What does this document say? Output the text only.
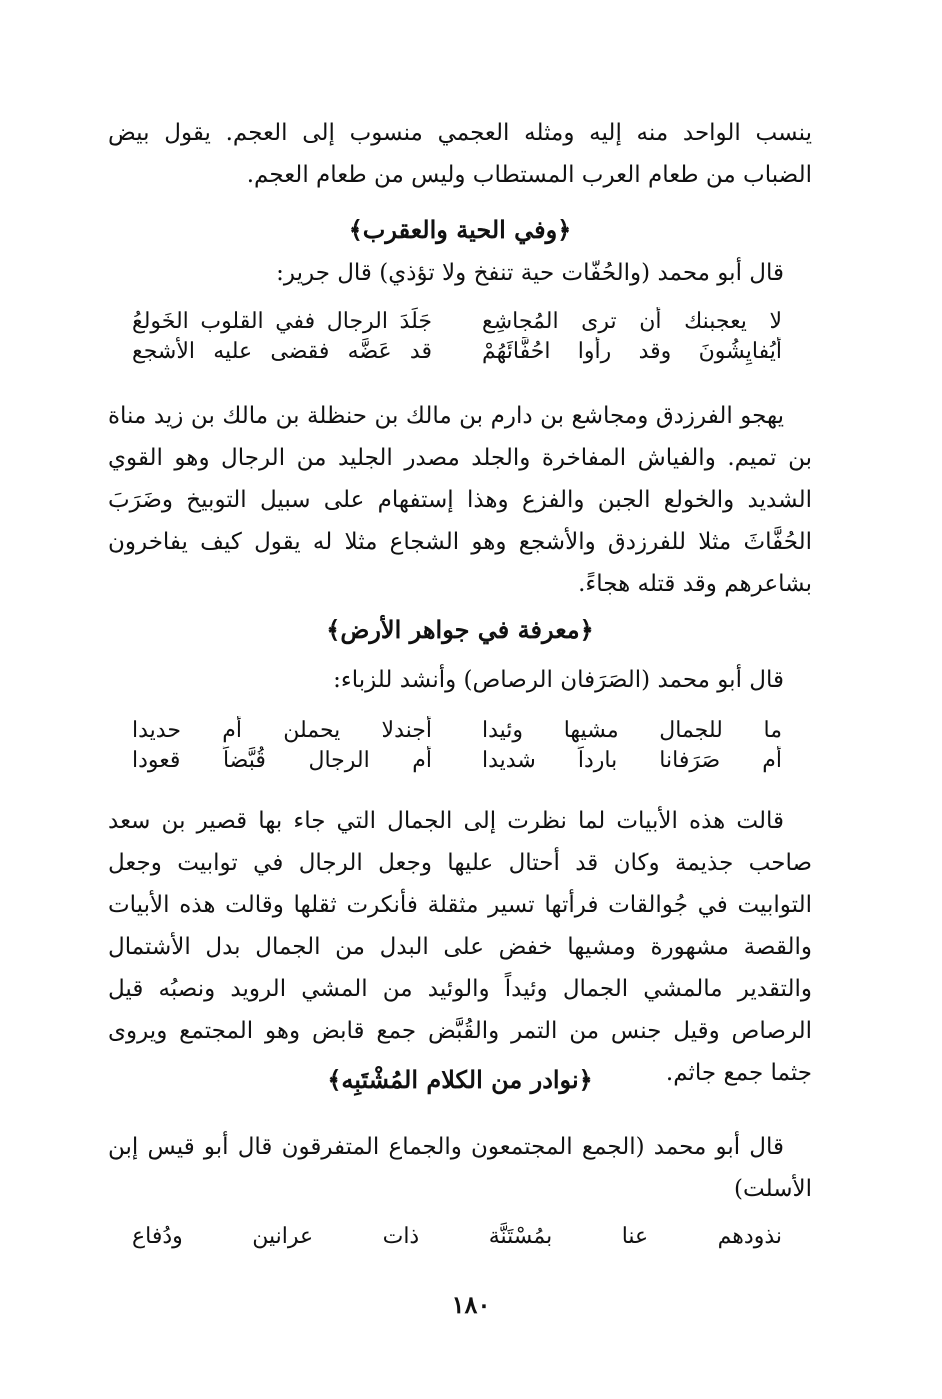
ينسب الواحد منه إليه ومثله العجمي منسوب إلى العجم. يقول بيض الضباب من طعام العرب المستطاب وليس من طعام العجم.

﴿وفي الحية والعقرب﴾
قال أبو محمد (والحُفّات حية تنفخ ولا تؤذي) قال جرير:
لا يعجبنك أن ترى المُجاشِع
جَلَدَ الرجال ففي القلوب الخَولعُ
أيُفايِشُونَ وقد رأوا احُفَّائَهُمْ
قد عَضَّه فقضى عليه الأشجع

يهجو الفرزدق ومجاشع بن دارم بن مالك بن حنظلة بن مالك بن زيد مناة بن تميم. والفياش المفاخرة والجلد مصدر الجليد من الرجال وهو القوي الشديد والخولع الجبن والفزع وهذا إستفهام على سبيل التوبيخ وضَرَبَ الحُفَّاثَ مثلا للفرزدق والأشجع وهو الشجاع مثلا له يقول كيف يفاخرون بشاعرهم وقد قتله هجاءً.

﴿معرفة في جواهر الأرض﴾
قال أبو محمد (الصَرَفان الرصاص) وأنشد للزباء:
ما للجمال مشيها وئيدا
أجندلا يحملن أم حديدا
أم صَرَفانا بارداً شديدا
أم الرجال قُبَّضاً قعودا

قالت هذه الأبيات لما نظرت إلى الجمال التي جاء بها قصير بن سعد صاحب جذيمة وكان قد أحتال عليها وجعل الرجال في توابيت وجعل التوابيت في جُوالقات فرأتها تسير مثقلة فأنكرت ثقلها وقالت هذه الأبيات والقصة مشهورة ومشيها خفض على البدل من الجمال بدل الأشتمال والتقدير مالمشي الجمال وئيداً والوئيد من المشي الرويد ونصبُه قيل الرصاص وقيل جنس من التمر والقُبَّض جمع قابض وهو المجتمع ويروى جثما جمع جاثم.

﴿نوادر من الكلام المُشْتَبِه﴾

قال أبو محمد (الجمع المجتمعون والجماع المتفرقون قال أبو قيس إبن الأسلت)

نذودهم عنا بمُسْتَنَّة ذات عرانين ودُفاع
١٨٠
